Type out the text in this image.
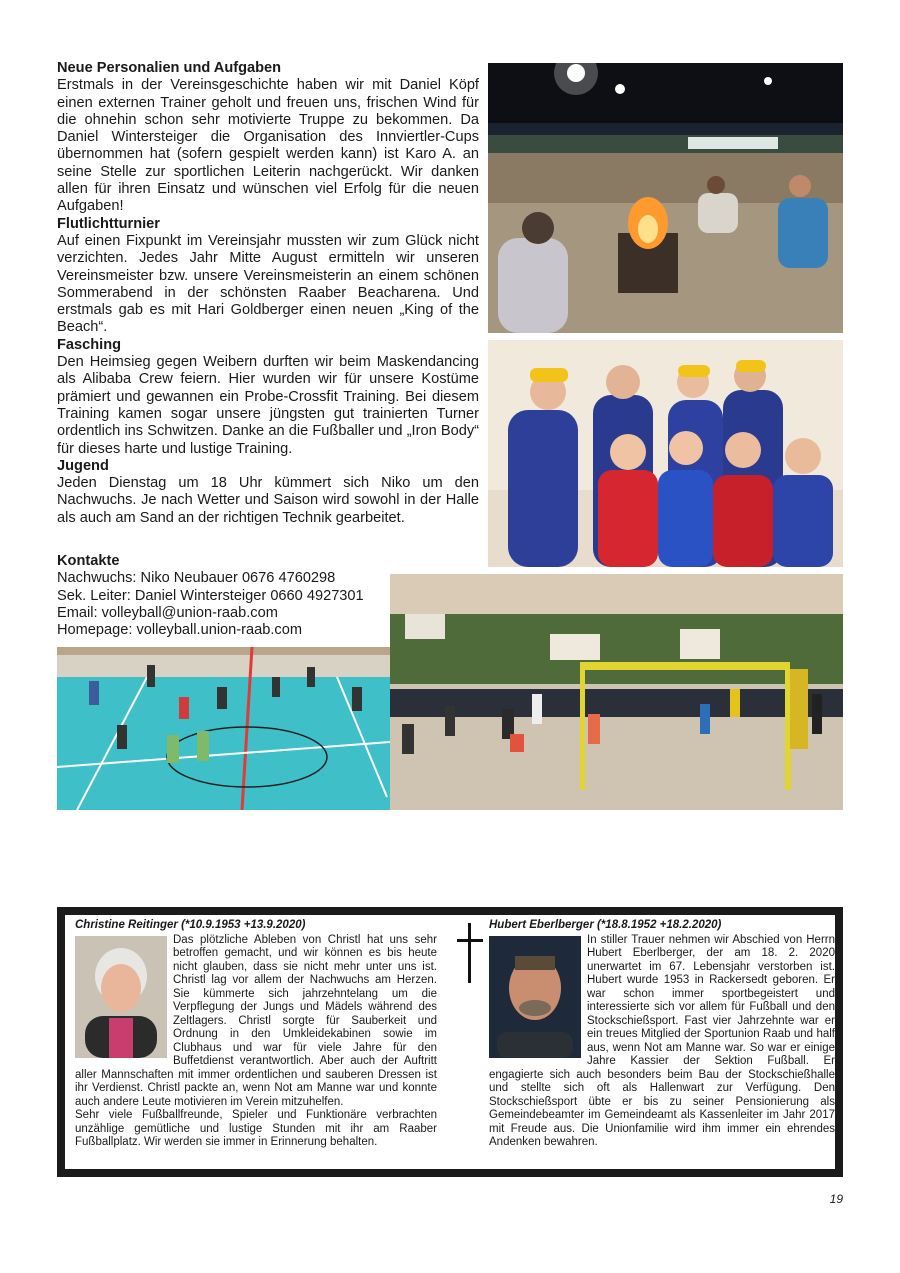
Neue Personalien und Aufgaben

Erstmals in der Vereinsgeschichte haben wir mit Daniel Köpf einen externen Trainer geholt und freuen uns, frischen Wind für die ohnehin schon sehr motivierte Truppe zu bekommen. Da Daniel Wintersteiger die Organisation des Innviertler-Cups übernommen hat (sofern gespielt werden kann) ist Karo A. an seine Stelle zur sportlichen Leiterin nachgerückt. Wir danken allen für ihren Einsatz und wünschen viel Erfolg für die neuen Aufgaben!

Flutlichtturnier

Auf einen Fixpunkt im Vereinsjahr mussten wir zum Glück nicht verzichten. Jedes Jahr Mitte August ermitteln wir unseren Vereinsmeister bzw. unsere Vereinsmeisterin an einem schönen Sommerabend in der schönsten Raaber Beacharena. Und erstmals gab es mit Hari Goldberger einen neuen „King of the Beach“.

Fasching

Den Heimsieg gegen Weibern durften wir beim Maskendancing als Alibaba Crew feiern. Hier wurden wir für unsere Kostüme prämiert und gewannen ein Probe-Crossfit Training. Bei diesem Training kamen sogar unsere jüngsten gut trainierten Turner ordentlich ins Schwitzen. Danke an die Fußballer und „Iron Body“ für dieses harte und lustige Training.

Jugend

Jeden Dienstag um 18 Uhr kümmert sich Niko um den Nachwuchs. Je nach Wetter und Saison wird sowohl in der Halle als auch am Sand an der richtigen Technik gearbeitet.

Kontakte
Nachwuchs: Niko Neubauer 0676 4760298
Sek. Leiter: Daniel Wintersteiger 0660 4927301
Email: volleyball@union-raab.com
Homepage: volleyball.union-raab.com
Christine Reitinger (*10.9.1953 +13.9.2020)

Das plötzliche Ableben von Christl hat uns sehr betroffen gemacht, und wir können es bis heute nicht glauben, dass sie nicht mehr unter uns ist. Christl lag vor allem der Nachwuchs am Herzen. Sie kümmerte sich jahrzehntelang um die Verpflegung der Jungs und Mädels während des Zeltlagers. Christl sorgte für Sauberkeit und Ordnung in den Umkleidekabinen sowie im Clubhaus und war für viele Jahre für den Buffetdienst verantwortlich. Aber auch der Auftritt aller Mannschaften mit immer ordentlichen und sauberen Dressen ist ihr Verdienst. Christl packte an, wenn Not am Manne war und konnte auch andere Leute motivieren im Verein mitzuhelfen.

Sehr viele Fußballfreunde, Spieler und Funktionäre verbrachten unzählige gemütliche und lustige Stunden mit ihr am Raaber Fußballplatz. Wir werden sie immer in Erinnerung behalten.

Hubert Eberlberger (*18.8.1952 +18.2.2020)

In stiller Trauer nehmen wir Abschied von Herrn Hubert Eberlberger, der am 18. 2. 2020 unerwartet im 67. Lebensjahr verstorben ist. Hubert wurde 1953 in Rackersedt geboren. Er war schon immer sportbegeistert und interessierte sich vor allem für Fußball und den Stockschießsport. Fast vier Jahrzehnte war er ein treues Mitglied der Sportunion Raab und half aus, wenn Not am Manne war. So war er einige Jahre Kassier der Sektion Fußball. Er engagierte sich auch besonders beim Bau der Stockschießhalle und stellte sich oft als Hallenwart zur Verfügung. Den Stockschießsport übte er bis zu seiner Pensionierung als Gemeindebeamter im Gemeindeamt als Kassenleiter im Jahr 2017 mit Freude aus. Die Unionfamilie wird ihm immer ein ehrendes Andenken bewahren.

19
